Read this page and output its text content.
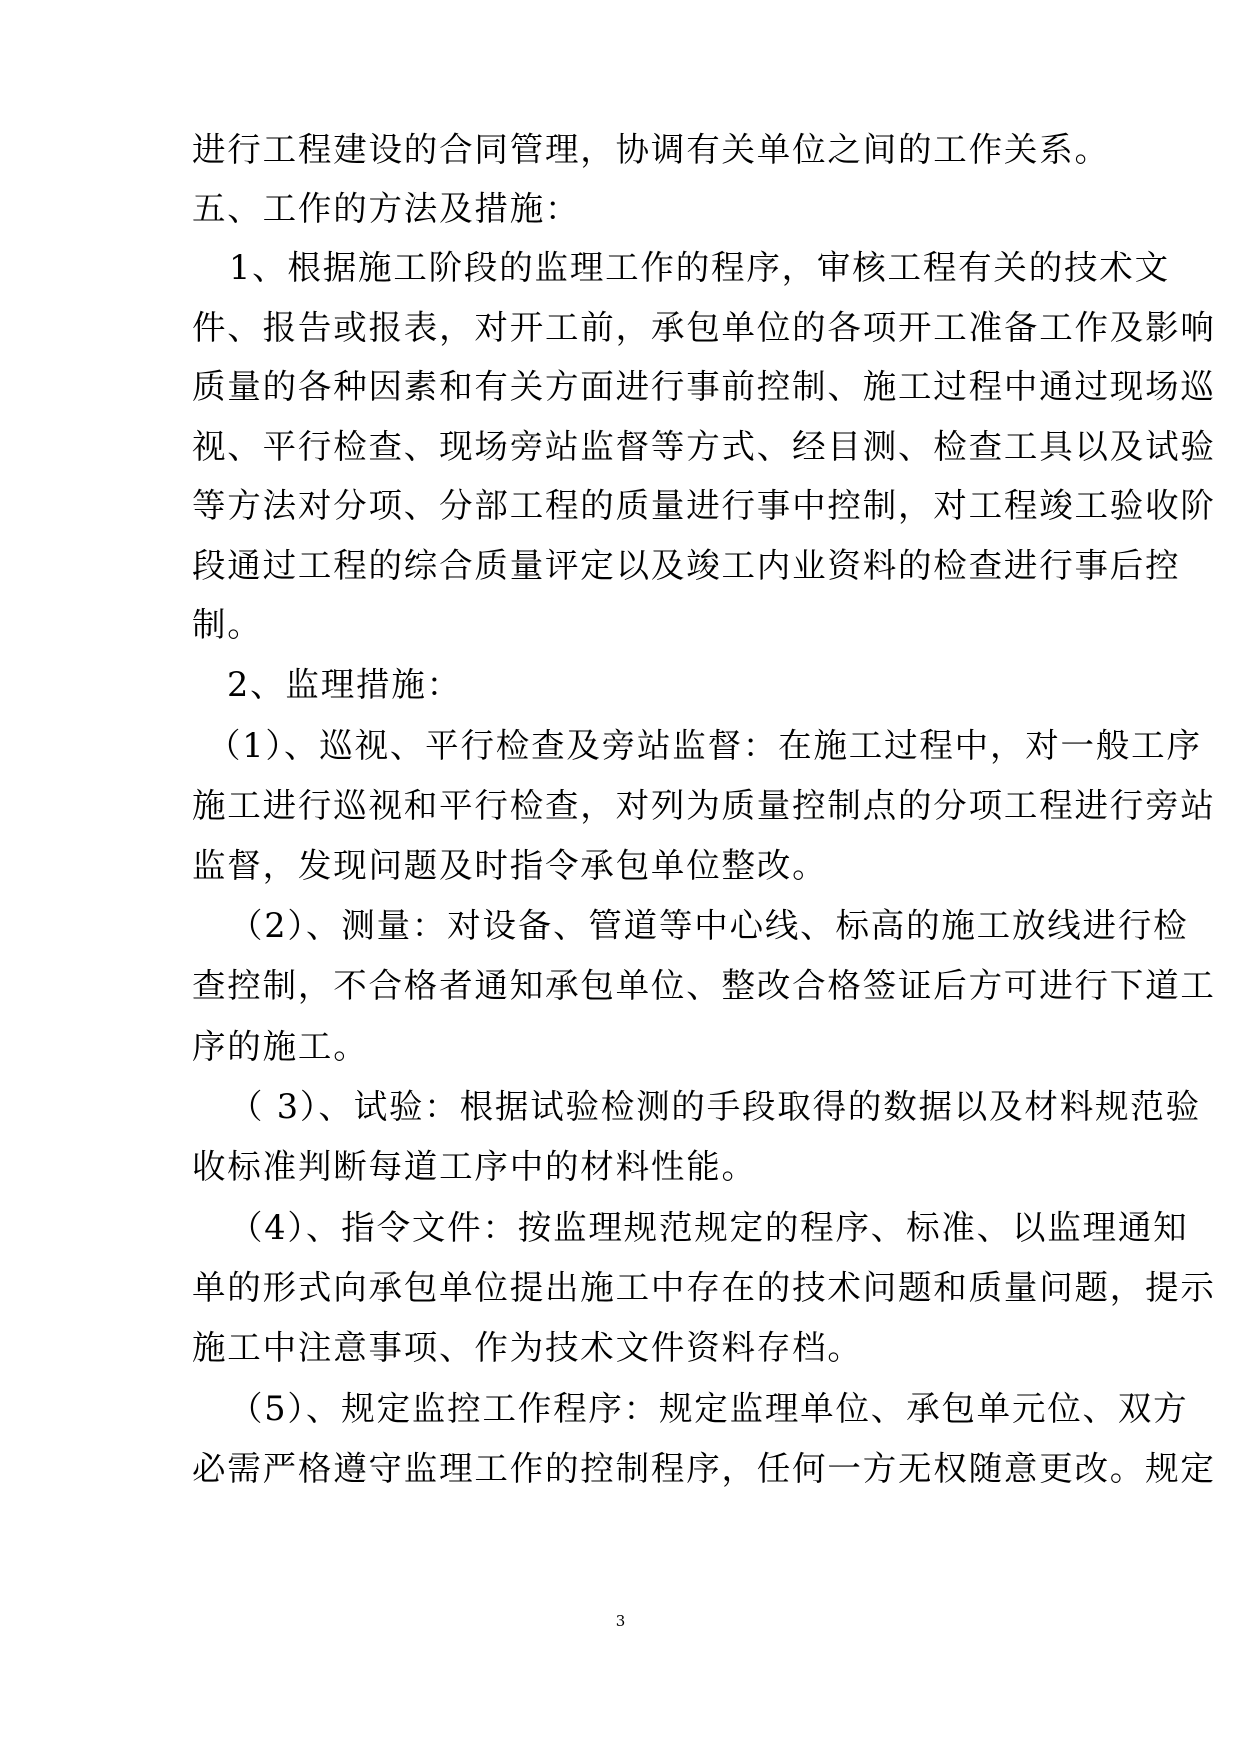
进行工程建设的合同管理，协调有关单位之间的工作关系。

五、工作的方法及措施：

1、根据施工阶段的监理工作的程序，审核工程有关的技术文

件、报告或报表，对开工前，承包单位的各项开工准备工作及影响

质量的各种因素和有关方面进行事前控制、施工过程中通过现场巡

视、平行检查、现场旁站监督等方式、经目测、检查工具以及试验

等方法对分项、分部工程的质量进行事中控制，对工程竣工验收阶

段通过工程的综合质量评定以及竣工内业资料的检查进行事后控

制。

2、监理措施：

（1）、巡视、平行检查及旁站监督：在施工过程中，对一般工序

施工进行巡视和平行检查，对列为质量控制点的分项工程进行旁站

监督，发现问题及时指令承包单位整改。

（2）、测量：对设备、管道等中心线、标高的施工放线进行检

查控制，不合格者通知承包单位、整改合格签证后方可进行下道工

序的施工。

（ 3）、试验：根据试验检测的手段取得的数据以及材料规范验

收标准判断每道工序中的材料性能。

（4）、指令文件：按监理规范规定的程序、标准、以监理通知

单的形式向承包单位提出施工中存在的技术问题和质量问题，提示

施工中注意事项、作为技术文件资料存档。

（5）、规定监控工作程序：规定监理单位、承包单元位、双方

必需严格遵守监理工作的控制程序，任何一方无权随意更改。规定

3
